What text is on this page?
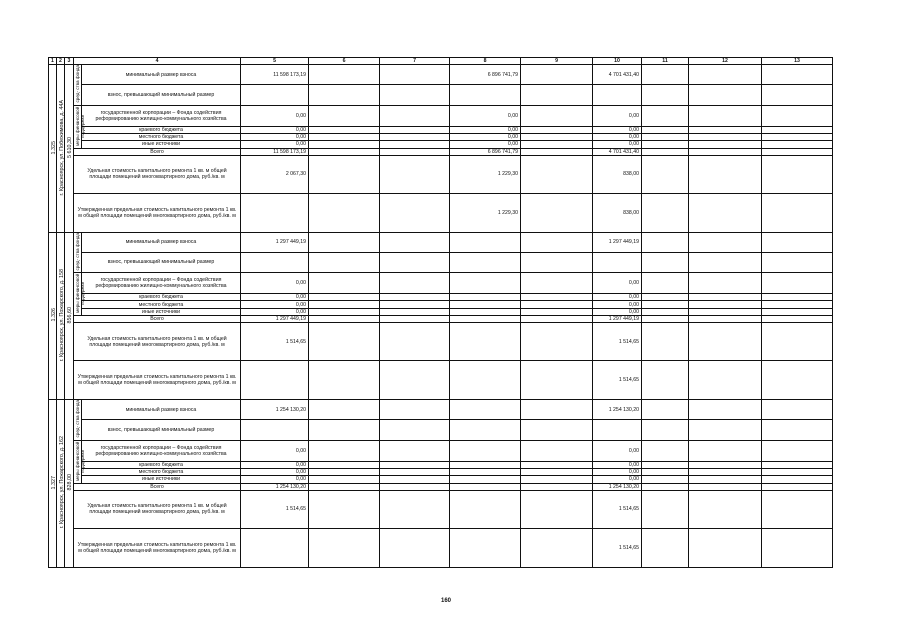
1	2	3	4		5	6	7	8	9	10	11	12	13		
1.325	г. Красноярск, ул. Побежимова, д. 44А	5 610,30	сред- ства фонда	минимальный размер взноса	11 598 173,19			6 896 741,79		4 701 431,40					
				взнос, превышающий минимальный размер											
			меры финансовой поддержки	государственной корпорации – Фонда содействия реформированию жилищно-коммунального хозяйства	0,00			0,00		0,00					
				краевого бюджета	0,00			0,00		0,00					
				местного бюджета	0,00			0,00		0,00					
				иные источники	0,00			0,00		0,00					
			Всего		11 598 173,19			6 896 741,79		4 701 431,40					
			Удельная стоимость капитального ремонта 1 кв. м общей площади помещений многоквартирного дома, руб./кв. м		2 067,30			1 229,30		838,00					
			Утвержденная предельная стоимость капитального ремонта 1 кв. м общей площади помещений многоквартирного дома, руб./кв. м					1 229,30		838,00					
1.326	г. Красноярск, ул. Пожарского, д. 158	856,60	сред- ства фонда	минимальный размер взноса	1 297 449,19					1 297 449,19					
				взнос, превышающий минимальный размер											
			меры финансовой поддержки	государственной корпорации – Фонда содействия реформированию жилищно-коммунального хозяйства	0,00					0,00					
				краевого бюджета	0,00					0,00					
				местного бюджета	0,00					0,00					
				иные источники	0,00					0,00					
			Всего		1 297 449,19					1 297 449,19					
			Удельная стоимость капитального ремонта 1 кв. м общей площади помещений многоквартирного дома, руб./кв. м		1 514,65					1 514,65					
			Утвержденная предельная стоимость капитального ремонта 1 кв. м общей площади помещений многоквартирного дома, руб./кв. м							1 514,65					
1.327	г. Красноярск, ул. Пожарского, д. 162	828,00	сред- ства фонда	минимальный размер взноса	1 254 130,20					1 254 130,20					
				взнос, превышающий минимальный размер											
			меры финансовой поддержки	государственной корпорации – Фонда содействия реформированию жилищно-коммунального хозяйства	0,00					0,00					
				краевого бюджета	0,00					0,00					
				местного бюджета	0,00					0,00					
				иные источники	0,00					0,00					
			Всего		1 254 130,20					1 254 130,20					
			Удельная стоимость капитального ремонта 1 кв. м общей площади помещений многоквартирного дома, руб./кв. м		1 514,65					1 514,65					
			Утвержденная предельная стоимость капитального ремонта 1 кв. м общей площади помещений многоквартирного дома, руб./кв. м							1 514,65					
160
